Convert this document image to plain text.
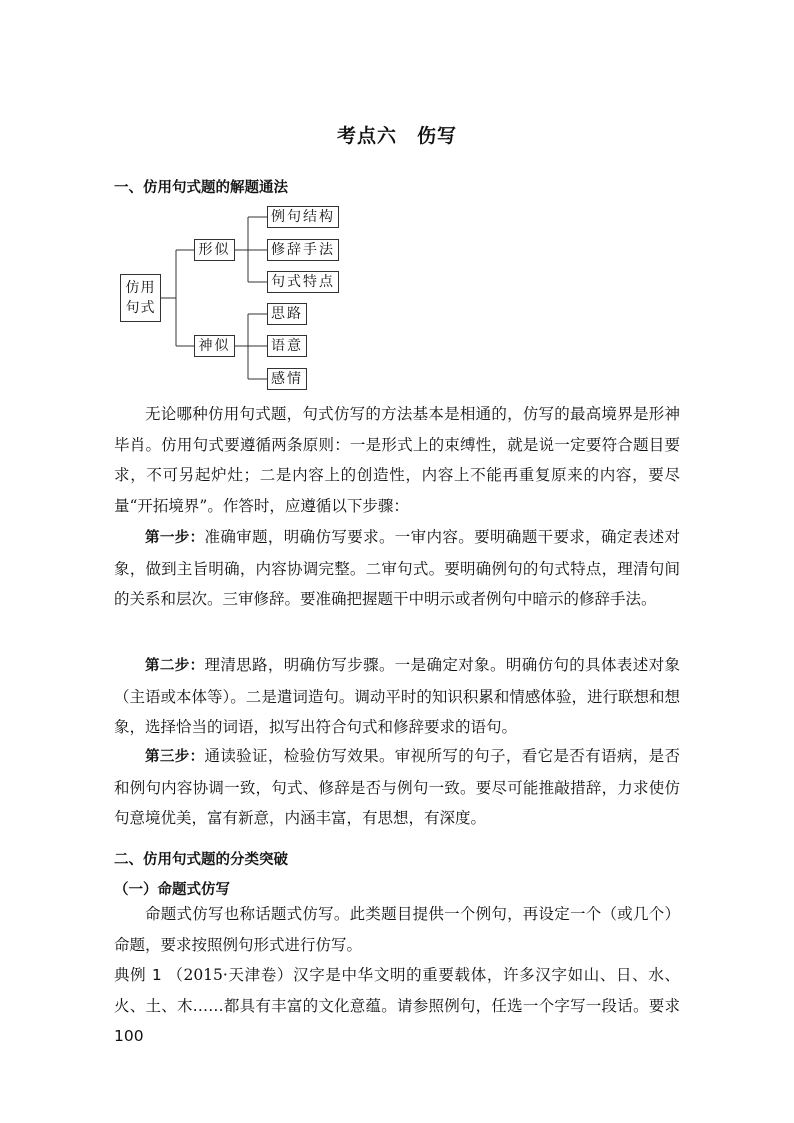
考点六　伤写
一、仿用句式题的解题通法
仿用句式
形似
神似
例句结构
修辞手法
句式特点
思路
语意
感情

无论哪种仿用句式题，句式仿写的方法基本是相通的，仿写的最高境界是形神毕肖。仿用句式要遵循两条原则：一是形式上的束缚性，就是说一定要符合题目要求，不可另起炉灶；二是内容上的创造性，内容上不能再重复原来的内容，要尽量“开拓境界”。作答时，应遵循以下步骤：

第一步：准确审题，明确仿写要求。一审内容。要明确题干要求，确定表述对象，做到主旨明确，内容协调完整。二审句式。要明确例句的句式特点，理清句间的关系和层次。三审修辞。要准确把握题干中明示或者例句中暗示的修辞手法。

第二步：理清思路，明确仿写步骤。一是确定对象。明确仿句的具体表述对象（主语或本体等）。二是遣词造句。调动平时的知识积累和情感体验，进行联想和想象，选择恰当的词语，拟写出符合句式和修辞要求的语句。

第三步：通读验证，检验仿写效果。审视所写的句子，看它是否有语病，是否和例句内容协调一致，句式、修辞是否与例句一致。要尽可能推敲措辞，力求使仿句意境优美，富有新意，内涵丰富，有思想，有深度。

二、仿用句式题的分类突破
（一）命题式仿写

命题式仿写也称话题式仿写。此类题目提供一个例句，再设定一个（或几个）命题，要求按照例句形式进行仿写。

典例 1 （2015·天津卷）汉字是中华文明的重要载体，许多汉字如山、日、水、火、土、木……都具有丰富的文化意蕴。请参照例句，任选一个字写一段话。要求 100
